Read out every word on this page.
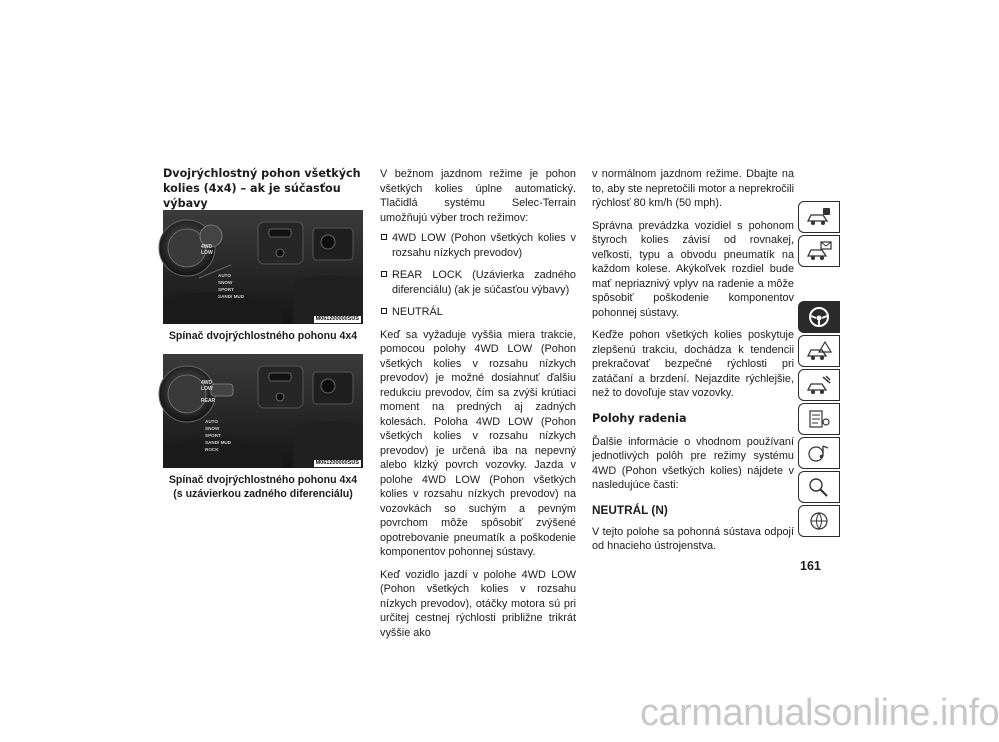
Dvojrýchlostný pohon všetkých kolies (4x4) – ak je súčasťou výbavy
M061200000SUS
4WD
LOW
AUTO
SNOW
SPORT
SAND/ MUD

Spínač dvojrýchlostného pohonu 4x4

M061200000SUS
4WD
LOW
REAR
AUTO
SNOW
SPORT
SAND/ MUD
ROCK

Spínač dvojrýchlostného pohonu 4x4
(s uzávierkou zadného diferenciálu)

V bežnom jazdnom režime je pohon všetkých kolies úplne automatický. Tlačidlá systému Selec-Terrain umožňujú výber troch režimov:

4WD LOW (Pohon všetkých kolies v rozsahu nízkych prevodov)
REAR LOCK (Uzávierka zadného diferenciálu) (ak je súčasťou výbavy)
NEUTRÁL

Keď sa vyžaduje vyššia miera trakcie, pomocou polohy 4WD LOW (Pohon všetkých kolies v rozsahu nízkych prevodov) je možné dosiahnuť ďalšiu redukciu prevodov, čím sa zvýši krútiaci moment na predných aj zadných kolesách. Poloha 4WD LOW (Pohon všetkých kolies v rozsahu nízkych prevodov) je určená iba na nepevný alebo klzký povrch vozovky. Jazda v polohe 4WD LOW (Pohon všetkých kolies v rozsahu nízkych prevodov) na vozovkách so suchým a pevným povrchom môže spôsobiť zvýšené opotrebovanie pneumatík a poškodenie komponentov pohonnej sústavy.

Keď vozidlo jazdí v polohe 4WD LOW (Pohon všetkých kolies v rozsahu nízkych prevodov), otáčky motora sú pri určitej cestnej rýchlosti približne trikrát vyššie ako

v normálnom jazdnom režime. Dbajte na to, aby ste nepretočili motor a neprekročili rýchlosť 80 km/h (50 mph).

Správna prevádzka vozidiel s pohonom štyroch kolies závisí od rovnakej, veľkosti, typu a obvodu pneumatík na každom kolese. Akýkoľvek rozdiel bude mať nepriaznivý vplyv na radenie a môže spôsobiť poškodenie komponentov pohonnej sústavy.

Keďže pohon všetkých kolies poskytuje zlepšenú trakciu, dochádza k tendencii prekračovať bezpečné rýchlosti pri zatáčaní a brzdení. Nejazdite rýchlejšie, než to dovoľuje stav vozovky.

Polohy radenia

Ďalšie informácie o vhodnom používaní jednotlivých polôh pre režimy systému 4WD (Pohon všetkých kolies) nájdete v nasledujúce časti:

NEUTRÁL (N)

V tejto polohe sa pohonná sústava odpojí od hnacieho ústrojenstva.

161
carmanualsonline.info
